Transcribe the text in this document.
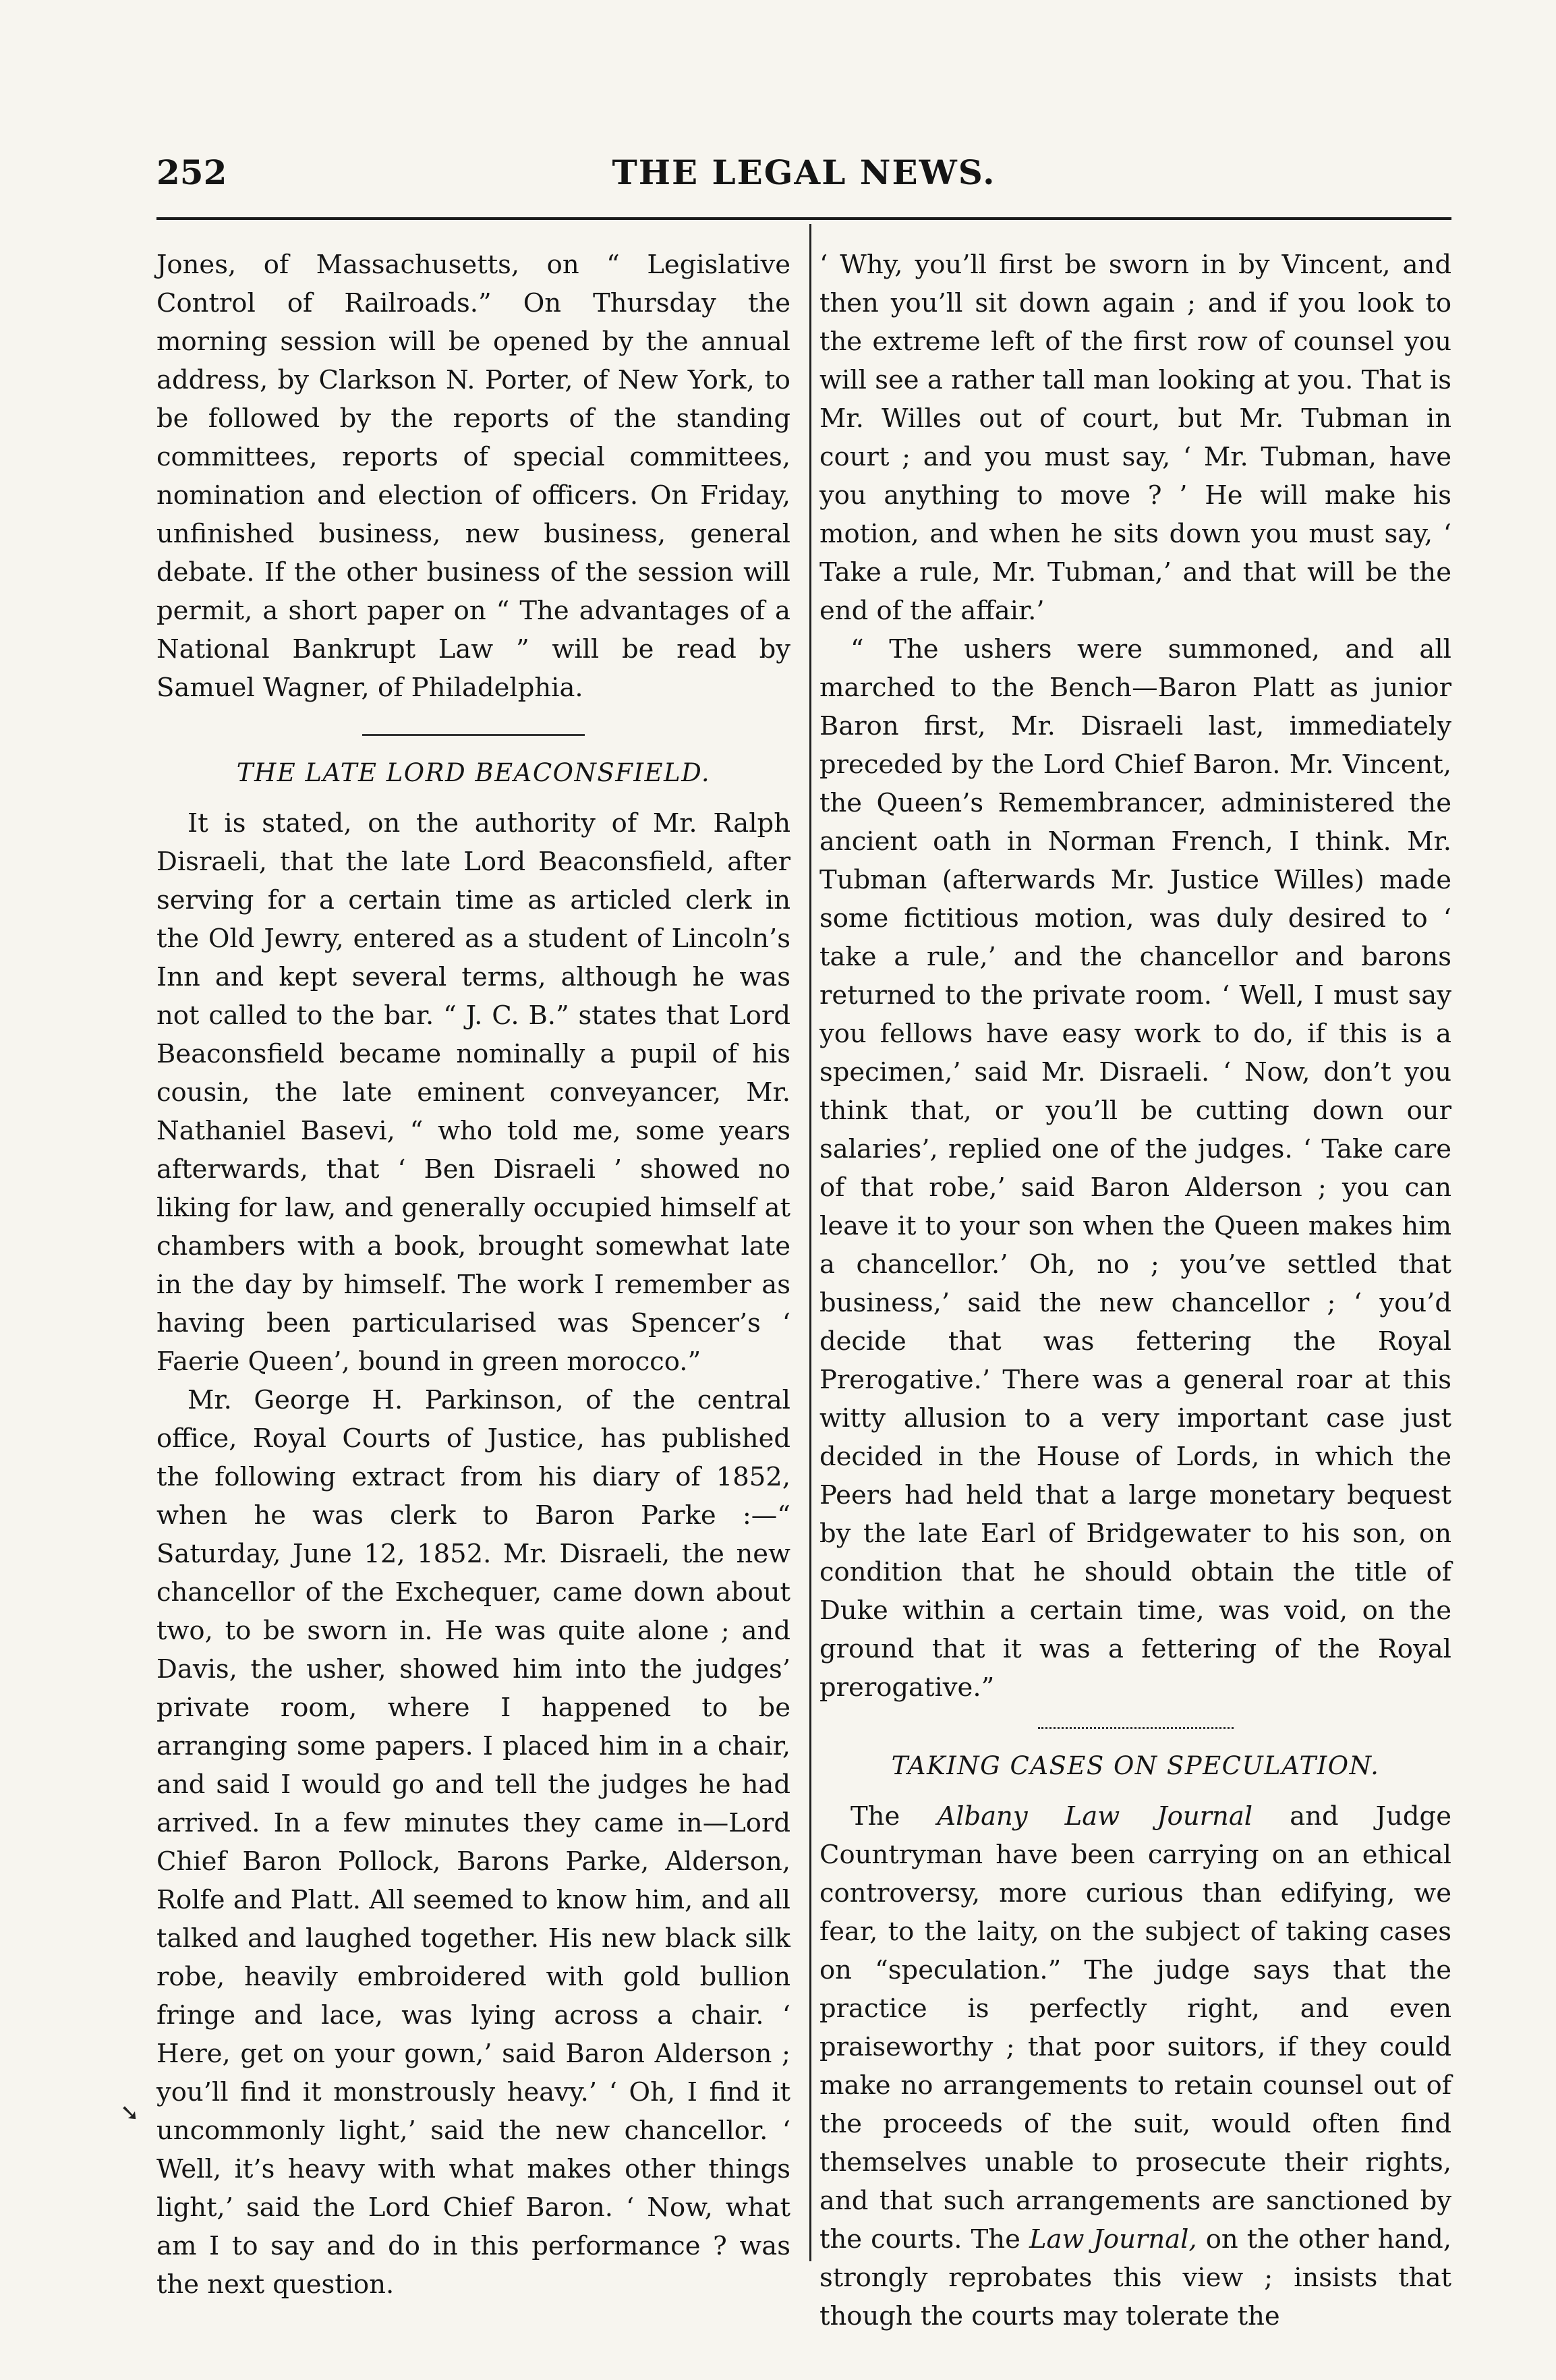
252	THE LEGAL NEWS.

Jones, of Massachusetts, on “ Legislative Control of Railroads.” On Thursday the morning session will be opened by the annual address, by Clarkson N. Porter, of New York, to be followed by the reports of the standing committees, reports of special committees, nomination and election of officers. On Friday, unfinished business, new business, general debate. If the other business of the session will permit, a short paper on “ The advantages of a National Bankrupt Law ” will be read by Samuel Wagner, of Philadelphia.

THE LATE LORD BEACONSFIELD.

It is stated, on the authority of Mr. Ralph Disraeli, that the late Lord Beaconsfield, after serving for a certain time as articled clerk in the Old Jewry, entered as a student of Lincoln’s Inn and kept several terms, although he was not called to the bar. “ J. C. B.” states that Lord Beaconsfield became nominally a pupil of his cousin, the late eminent conveyancer, Mr. Nathaniel Basevi, “ who told me, some years afterwards, that ‘ Ben Disraeli ’ showed no liking for law, and generally occupied himself at chambers with a book, brought somewhat late in the day by himself. The work I remember as having been particularised was Spencer’s ‘ Faerie Queen’, bound in green morocco.”

Mr. George H. Parkinson, of the central office, Royal Courts of Justice, has published the following extract from his diary of 1852, when he was clerk to Baron Parke :—“ Saturday, June 12, 1852. Mr. Disraeli, the new chancellor of the Exchequer, came down about two, to be sworn in. He was quite alone ; and Davis, the usher, showed him into the judges’ private room, where I happened to be arranging some papers. I placed him in a chair, and said I would go and tell the judges he had arrived. In a few minutes they came in—Lord Chief Baron Pollock, Barons Parke, Alderson, Rolfe and Platt. All seemed to know him, and all talked and laughed together. His new black silk robe, heavily embroidered with gold bullion fringe and lace, was lying across a chair. ‘ Here, get on your gown,’ said Baron Alderson ; you’ll find it monstrously heavy.’ ‘ Oh, I find it uncommonly light,’ said the new chancellor. ‘ Well, it’s heavy with what makes other things light,’ said the Lord Chief Baron. ‘ Now, what am I to say and do in this performance ? was the next question.

➘

‘ Why, you’ll first be sworn in by Vincent, and then you’ll sit down again ; and if you look to the extreme left of the first row of counsel you will see a rather tall man looking at you. That is Mr. Willes out of court, but Mr. Tubman in court ; and you must say, ‘ Mr. Tubman, have you anything to move ? ’ He will make his motion, and when he sits down you must say, ‘ Take a rule, Mr. Tubman,’ and that will be the end of the affair.’

“ The ushers were summoned, and all marched to the Bench—Baron Platt as junior Baron first, Mr. Disraeli last, immediately preceded by the Lord Chief Baron. Mr. Vincent, the Queen’s Remembrancer, administered the ancient oath in Norman French, I think. Mr. Tubman (afterwards Mr. Justice Willes) made some fictitious motion, was duly desired to ‘ take a rule,’ and the chancellor and barons returned to the private room. ‘ Well, I must say you fellows have easy work to do, if this is a specimen,’ said Mr. Disraeli. ‘ Now, don’t you think that, or you’ll be cutting down our salaries’, replied one of the judges. ‘ Take care of that robe,’ said Baron Alderson ; you can leave it to your son when the Queen makes him a chancellor.’ Oh, no ; you’ve settled that business,’ said the new chancellor ; ‘ you’d decide that was fettering the Royal Prerogative.’ There was a general roar at this witty allusion to a very important case just decided in the House of Lords, in which the Peers had held that a large monetary bequest by the late Earl of Bridgewater to his son, on condition that he should obtain the title of Duke within a certain time, was void, on the ground that it was a fettering of the Royal prerogative.”

TAKING CASES ON SPECULATION.

The Albany Law Journal and Judge Countryman have been carrying on an ethical controversy, more curious than edifying, we fear, to the laity, on the subject of taking cases on “speculation.” The judge says that the practice is perfectly right, and even praiseworthy ; that poor suitors, if they could make no arrangements to retain counsel out of the proceeds of the suit, would often find themselves unable to prosecute their rights, and that such arrangements are sanctioned by the courts. The Law Journal, on the other hand, strongly reprobates this view ; insists that though the courts may tolerate the
